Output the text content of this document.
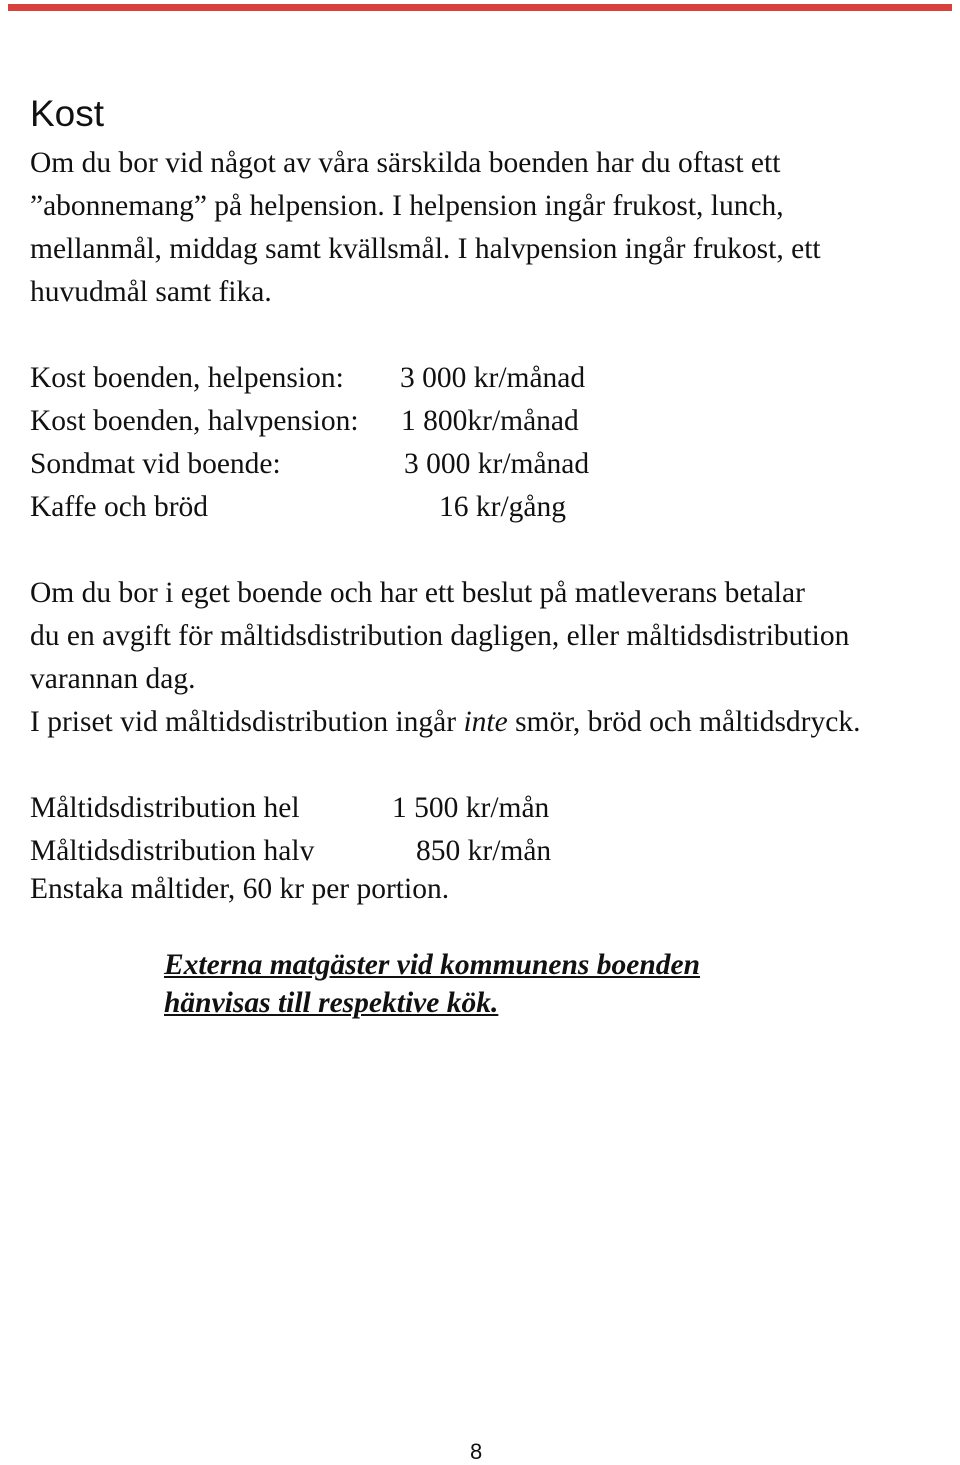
Kost

Om du bor vid något av våra särskilda boenden har du oftast ett
”abonnemang” på helpension. I helpension ingår frukost, lunch,
mellanmål, middag samt kvällsmål. I halvpension ingår frukost, ett
huvudmål samt fika.

Kost boenden, helpension: 3 000 kr/månad
Kost boenden, halvpension: 1 800kr/månad
Sondmat vid boende:	3 000 kr/månad
Kaffe och bröd	16 kr/gång

Om du bor i eget boende och har ett beslut på matleverans betalar
du en avgift för måltidsdistribution dagligen, eller måltidsdistribution
varannan dag.
I priset vid måltidsdistribution ingår inte smör, bröd och måltidsdryck.

Måltidsdistribution hel	1 500 kr/mån
Måltidsdistribution halv	850 kr/mån
Enstaka måltider, 60 kr per portion.

Externa matgäster vid kommunens boenden
hänvisas till respektive kök.

8
